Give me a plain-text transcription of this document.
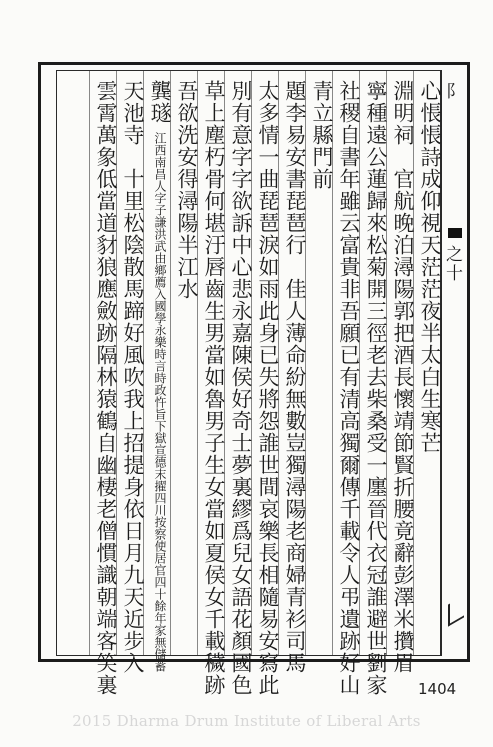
阝
之十
心悵悵詩成仰視天茫茫夜半太白生寒芒
淵明祠　官航晚泊潯陽郭把酒長懷靖節賢折腰竟辭彭澤米攢眉
寧種遠公蓮歸來松菊開三徑老去柴桑受一廛晉代衣冠誰避世劉家
社稷自書年雖云富貴非吾願已有清高獨爾傳千載令人弔遺跡好山
青立縣門前
題李易安書琵琶行　佳人薄命紛無數豈獨潯陽老商婦青衫司馬
太多情一曲琵琶淚如雨此身已失將怨誰世間哀樂長相隨易安寫此
別有意字字欲訴中心悲永嘉陳侯好奇士夢裏繆爲兒女語花顏國色
草上塵朽骨何堪汙唇齒生男當如魯男子生女當如夏侯女千載穢跡
吾欲洗安得潯陽半江水
龔璲 江西南昌人字子謙洪武由鄉薦入國學永樂時言時政忤旨下獄宣德末擢四川按察使居官四十餘年家無儲蓄
天池寺　十里松陰散馬蹄好風吹我上招提身依日月九天近步入
雲霄萬象低當道豺狼應斂跡隔林猿鶴自幽棲老僧慣識朝端客笑裏	1404
2015 Dharma Drum Institute of Liberal Arts
